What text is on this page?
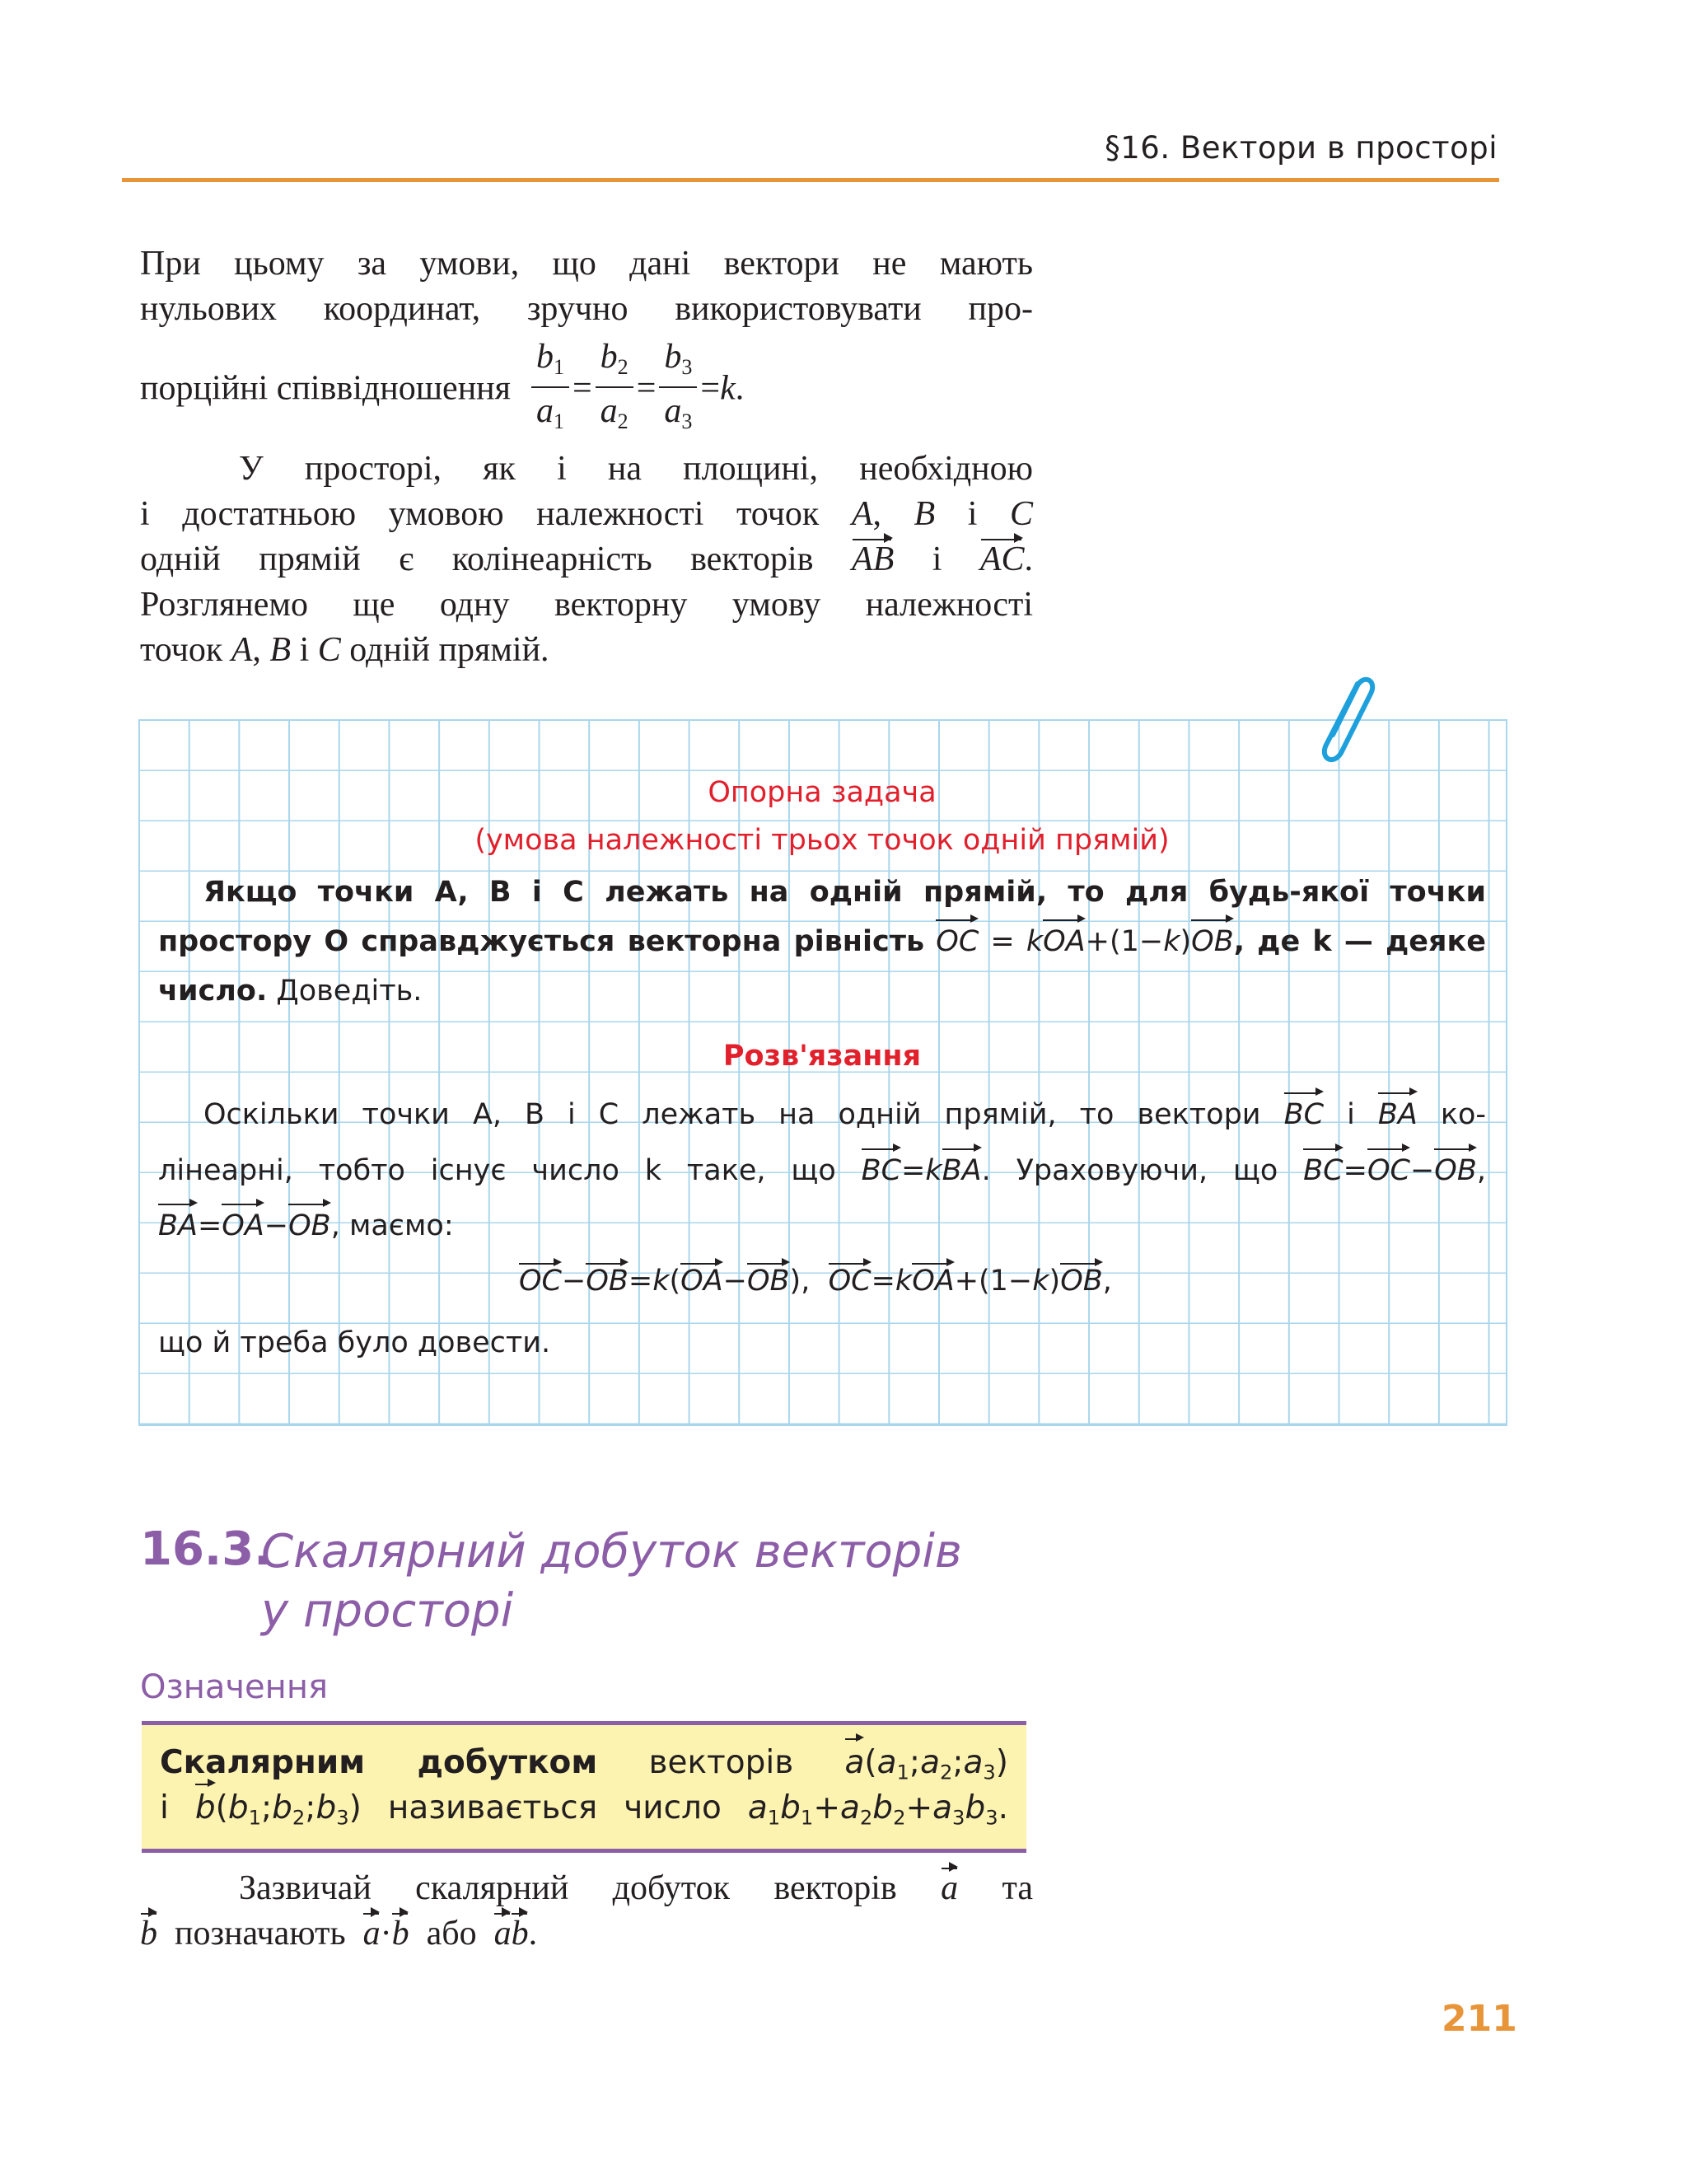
§16. Вектори в просторі
При цьому за умови, що дані вектори не мають
нульових координат, зручно використовувати про-
порційні співвідношення $\frac{b_1}{a_1} = \frac{b_2}{a_2} = \frac{b_3}{a_3} =k$.
У просторі, як і на площині, необхідною
і достатньою умовою належності точок A, B і C
одній прямій є колінеарність векторів AB і AC.
Розглянемо ще одну векторну умову належності
точок A, B і C одній прямій.
Опорна задача
(умова належності трьох точок одній прямій)
Якщо точки A, B і C лежать на одній прямій, то для будь-якої точки
простору O справджується векторна рівність OC = kOA+(1−k)OB, де k — деяке
число. Доведіть.
Розв'язання
Оскільки точки A, B і C лежать на одній прямій, то вектори BC і BA ко-
лінеарні, тобто існує число k таке, що BC=kBA. Ураховуючи, що BC=OC−OB,
BA=OA−OB, маємо:
OC−OB=k(OA−OB),  OC=kOA+(1−k)OB,
що й треба було довести.
16.3.
Скалярний добуток векторів
у просторі
Означення
Скалярним добутком векторів $a(a_1;a_2;a_3)$
і $b(b_1;b_2;b_3)$ називається число $a_1b_1+a_2b_2+a_3b_3$.
Зазвичай скалярний добуток векторів a та
b позначають a·b або ab.
211
